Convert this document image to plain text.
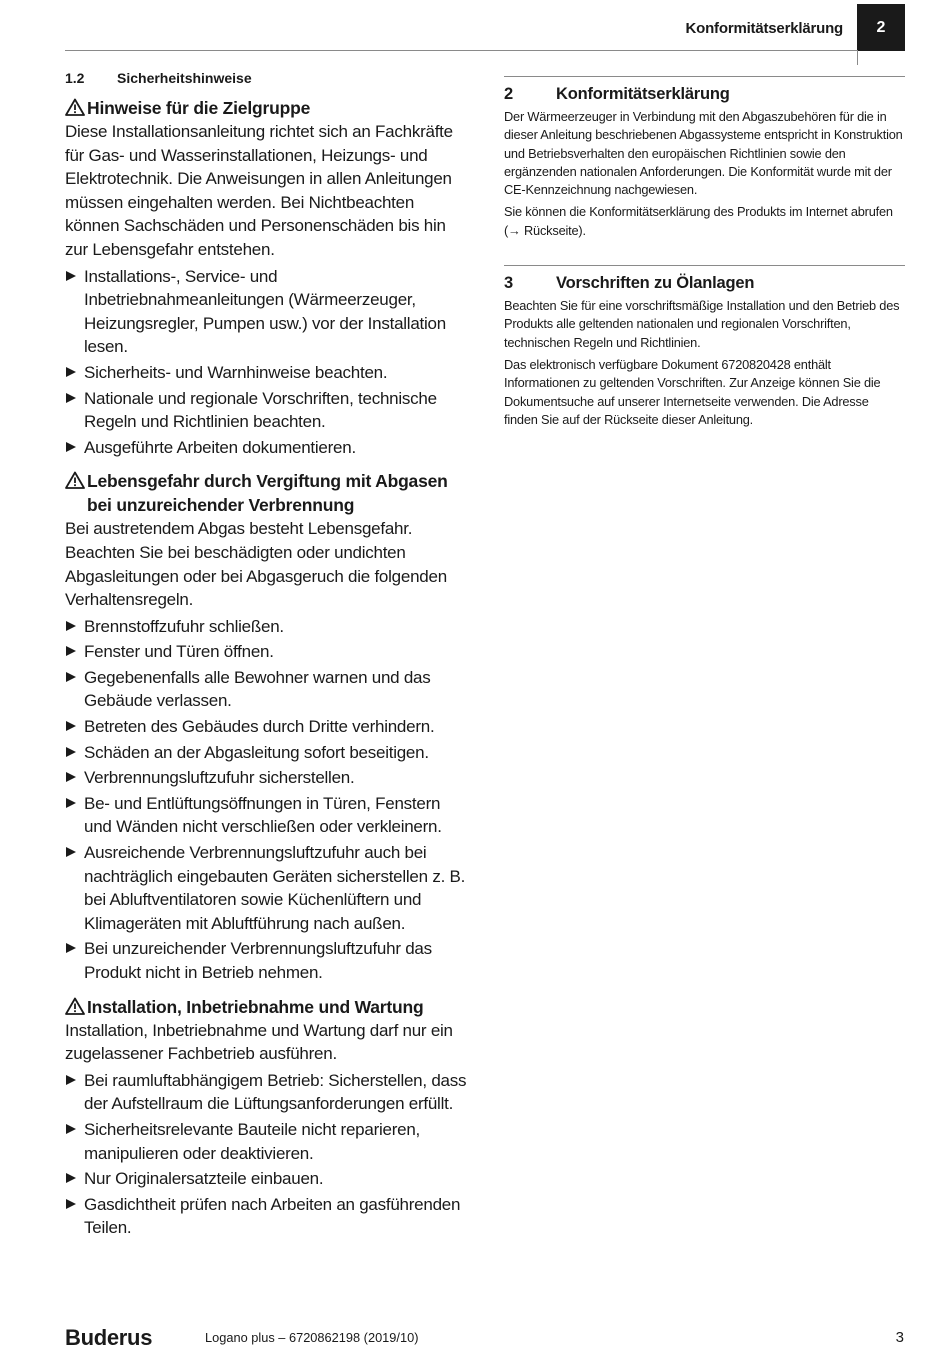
Konformitätserklärung	2
1.2	Sicherheitshinweise
Hinweise für die Zielgruppe
Diese Installationsanleitung richtet sich an Fachkräfte für Gas- und Wasserinstallationen, Heizungs- und Elektrotechnik. Die Anweisungen in allen Anleitungen müssen eingehalten werden. Bei Nichtbeachten können Sachschäden und Personenschäden bis hin zur Lebensgefahr entstehen.
Installations-, Service- und Inbetriebnahmeanleitungen (Wärmeerzeuger, Heizungsregler, Pumpen usw.) vor der Installation lesen.
Sicherheits- und Warnhinweise beachten.
Nationale und regionale Vorschriften, technische Regeln und Richtlinien beachten.
Ausgeführte Arbeiten dokumentieren.
Lebensgefahr durch Vergiftung mit Abgasen bei unzureichender Verbrennung
Bei austretendem Abgas besteht Lebensgefahr. Beachten Sie bei beschädigten oder undichten Abgasleitungen oder bei Abgasgeruch die folgenden Verhaltensregeln.
Brennstoffzufuhr schließen.
Fenster und Türen öffnen.
Gegebenenfalls alle Bewohner warnen und das Gebäude verlassen.
Betreten des Gebäudes durch Dritte verhindern.
Schäden an der Abgasleitung sofort beseitigen.
Verbrennungsluftzufuhr sicherstellen.
Be- und Entlüftungsöffnungen in Türen, Fenstern und Wänden nicht verschließen oder verkleinern.
Ausreichende Verbrennungsluftzufuhr auch bei nachträglich eingebauten Geräten sicherstellen z. B. bei Abluftventilatoren sowie Küchenlüftern und Klimageräten mit Abluftführung nach außen.
Bei unzureichender Verbrennungsluftzufuhr das Produkt nicht in Betrieb nehmen.
Installation, Inbetriebnahme und Wartung
Installation, Inbetriebnahme und Wartung darf nur ein zugelassener Fachbetrieb ausführen.
Bei raumluftabhängigem Betrieb: Sicherstellen, dass der Aufstellraum die Lüftungsanforderungen erfüllt.
Sicherheitsrelevante Bauteile nicht reparieren, manipulieren oder deaktivieren.
Nur Originalersatzteile einbauen.
Gasdichtheit prüfen nach Arbeiten an gasführenden Teilen.
2	Konformitätserklärung

Der Wärmeerzeuger in Verbindung mit den Abgaszubehören für die in dieser Anleitung beschriebenen Abgassysteme entspricht in Konstruktion und Betriebsverhalten den europäischen Richtlinien sowie den ergänzenden nationalen Anforderungen. Die Konformität wurde mit der CE-Kennzeichnung nachgewiesen.

Sie können die Konformitätserklärung des Produkts im Internet abrufen (→ Rückseite).

3	Vorschriften zu Ölanlagen

Beachten Sie für eine vorschriftsmäßige Installation und den Betrieb des Produkts alle geltenden nationalen und regionalen Vorschriften, technischen Regeln und Richtlinien.

Das elektronisch verfügbare Dokument 6720820428 enthält Informationen zu geltenden Vorschriften. Zur Anzeige können Sie die Dokumentsuche auf unserer Internetseite verwenden. Die Adresse finden Sie auf der Rückseite dieser Anleitung.

Buderus	Logano plus – 6720862198 (2019/10)	3
